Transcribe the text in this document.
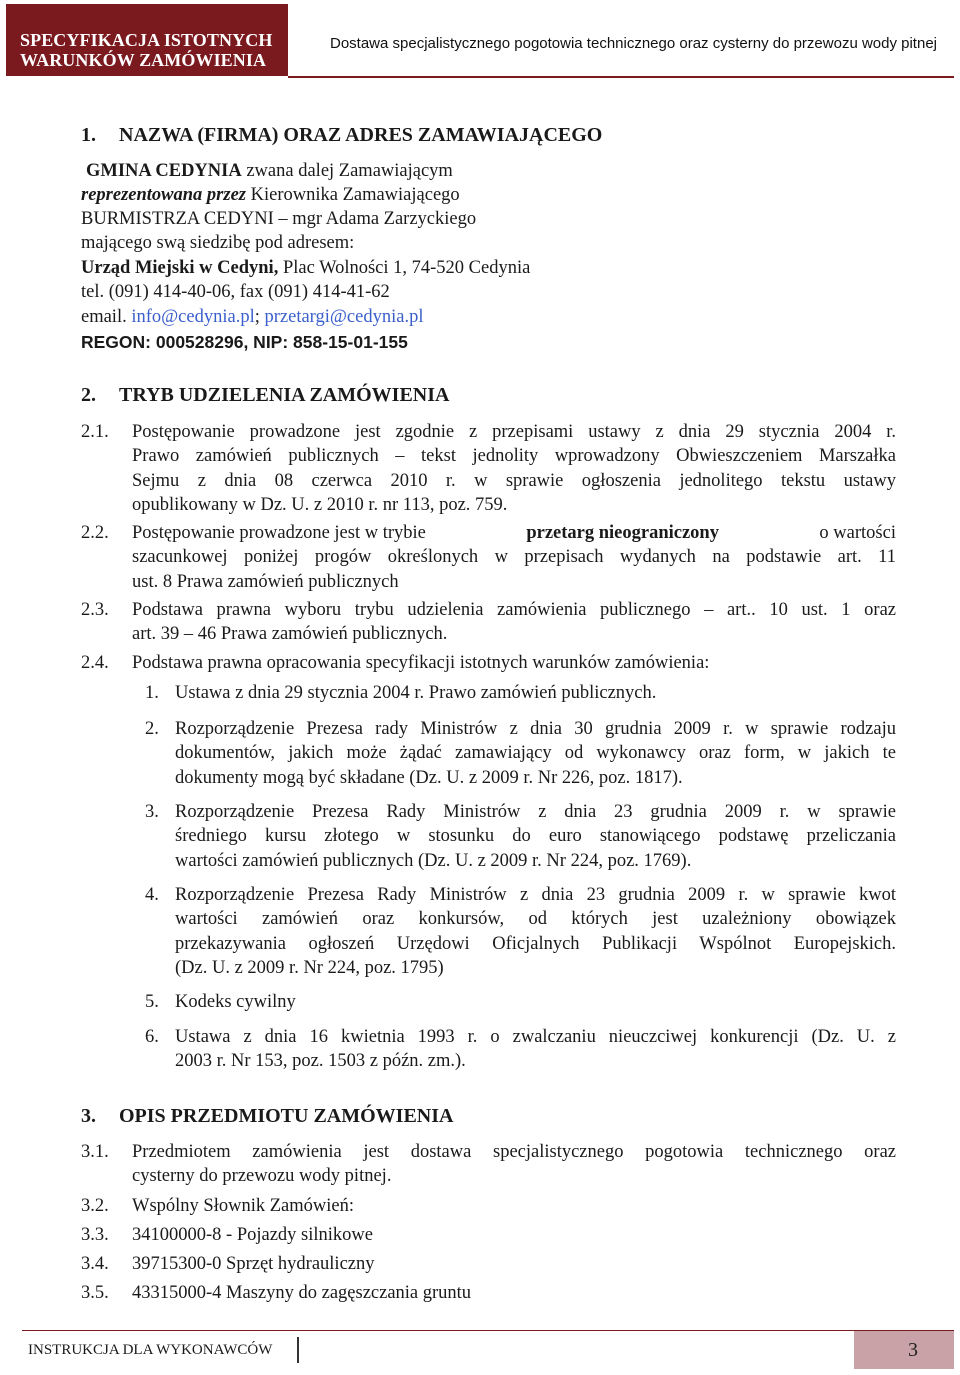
SPECYFIKACJA ISTOTNYCH
WARUNKÓW ZAMÓWIENIA
Dostawa specjalistycznego pogotowia technicznego oraz cysterny do przewozu wody pitnej
1. NAZWA (FIRMA) ORAZ ADRES ZAMAWIAJĄCEGO
GMINA CEDYNIA zwana dalej Zamawiającym
reprezentowana przez Kierownika Zamawiającego
BURMISTRZA CEDYNI – mgr Adama Zarzyckiego
mającego swą siedzibę pod adresem:
Urząd Miejski w Cedyni, Plac Wolności 1, 74-520 Cedynia
tel. (091) 414-40-06, fax (091) 414-41-62
email. info@cedynia.pl; przetargi@cedynia.pl
REGON: 000528296, NIP: 858-15-01-155
2. TRYB UDZIELENIA ZAMÓWIENIA
2.1. Postępowanie prowadzone jest zgodnie z przepisami ustawy z dnia 29 stycznia 2004 r.
Prawo zamówień publicznych – tekst jednolity wprowadzony Obwieszczeniem Marszałka
Sejmu z dnia 08 czerwca 2010 r. w sprawie ogłoszenia jednolitego tekstu ustawy
opublikowany w Dz. U. z 2010 r. nr 113, poz. 759.
2.2. Postępowanie prowadzone jest w trybie	przetarg nieograniczony	o wartości
szacunkowej poniżej progów określonych w przepisach wydanych na podstawie art. 11
ust. 8 Prawa zamówień publicznych
2.3. Podstawa prawna wyboru trybu udzielenia zamówienia publicznego – art.. 10 ust. 1 oraz
art. 39 – 46 Prawa zamówień publicznych.
2.4. Podstawa prawna opracowania specyfikacji istotnych warunków zamówienia:
1. Ustawa z dnia 29 stycznia 2004 r. Prawo zamówień publicznych.
2. Rozporządzenie Prezesa rady Ministrów z dnia 30 grudnia 2009 r. w sprawie rodzaju
dokumentów, jakich może żądać zamawiający od wykonawcy oraz form, w jakich te
dokumenty mogą być składane (Dz. U. z 2009 r. Nr 226, poz. 1817).
3. Rozporządzenie Prezesa Rady Ministrów z dnia 23 grudnia 2009 r. w sprawie
średniego kursu złotego w stosunku do euro stanowiącego podstawę przeliczania
wartości zamówień publicznych (Dz. U. z 2009 r. Nr 224, poz. 1769).
4. Rozporządzenie Prezesa Rady Ministrów z dnia 23 grudnia 2009 r. w sprawie kwot
wartości zamówień oraz konkursów, od których jest uzależniony obowiązek
przekazywania ogłoszeń Urzędowi Oficjalnych Publikacji Wspólnot Europejskich.
(Dz. U. z 2009 r. Nr 224, poz. 1795)
5. Kodeks cywilny
6. Ustawa z dnia 16 kwietnia 1993 r. o zwalczaniu nieuczciwej konkurencji (Dz. U. z
2003 r. Nr 153, poz. 1503 z późn. zm.).
3. OPIS PRZEDMIOTU ZAMÓWIENIA
3.1. Przedmiotem zamówienia jest dostawa specjalistycznego pogotowia technicznego oraz
cysterny do przewozu wody pitnej.
3.2. Wspólny Słownik Zamówień:
3.3. 34100000-8 - Pojazdy silnikowe
3.4. 39715300-0 Sprzęt hydrauliczny
3.5. 43315000-4 Maszyny do zagęszczania gruntu
INSTRUKCJA DLA WYKONAWCÓW	3
